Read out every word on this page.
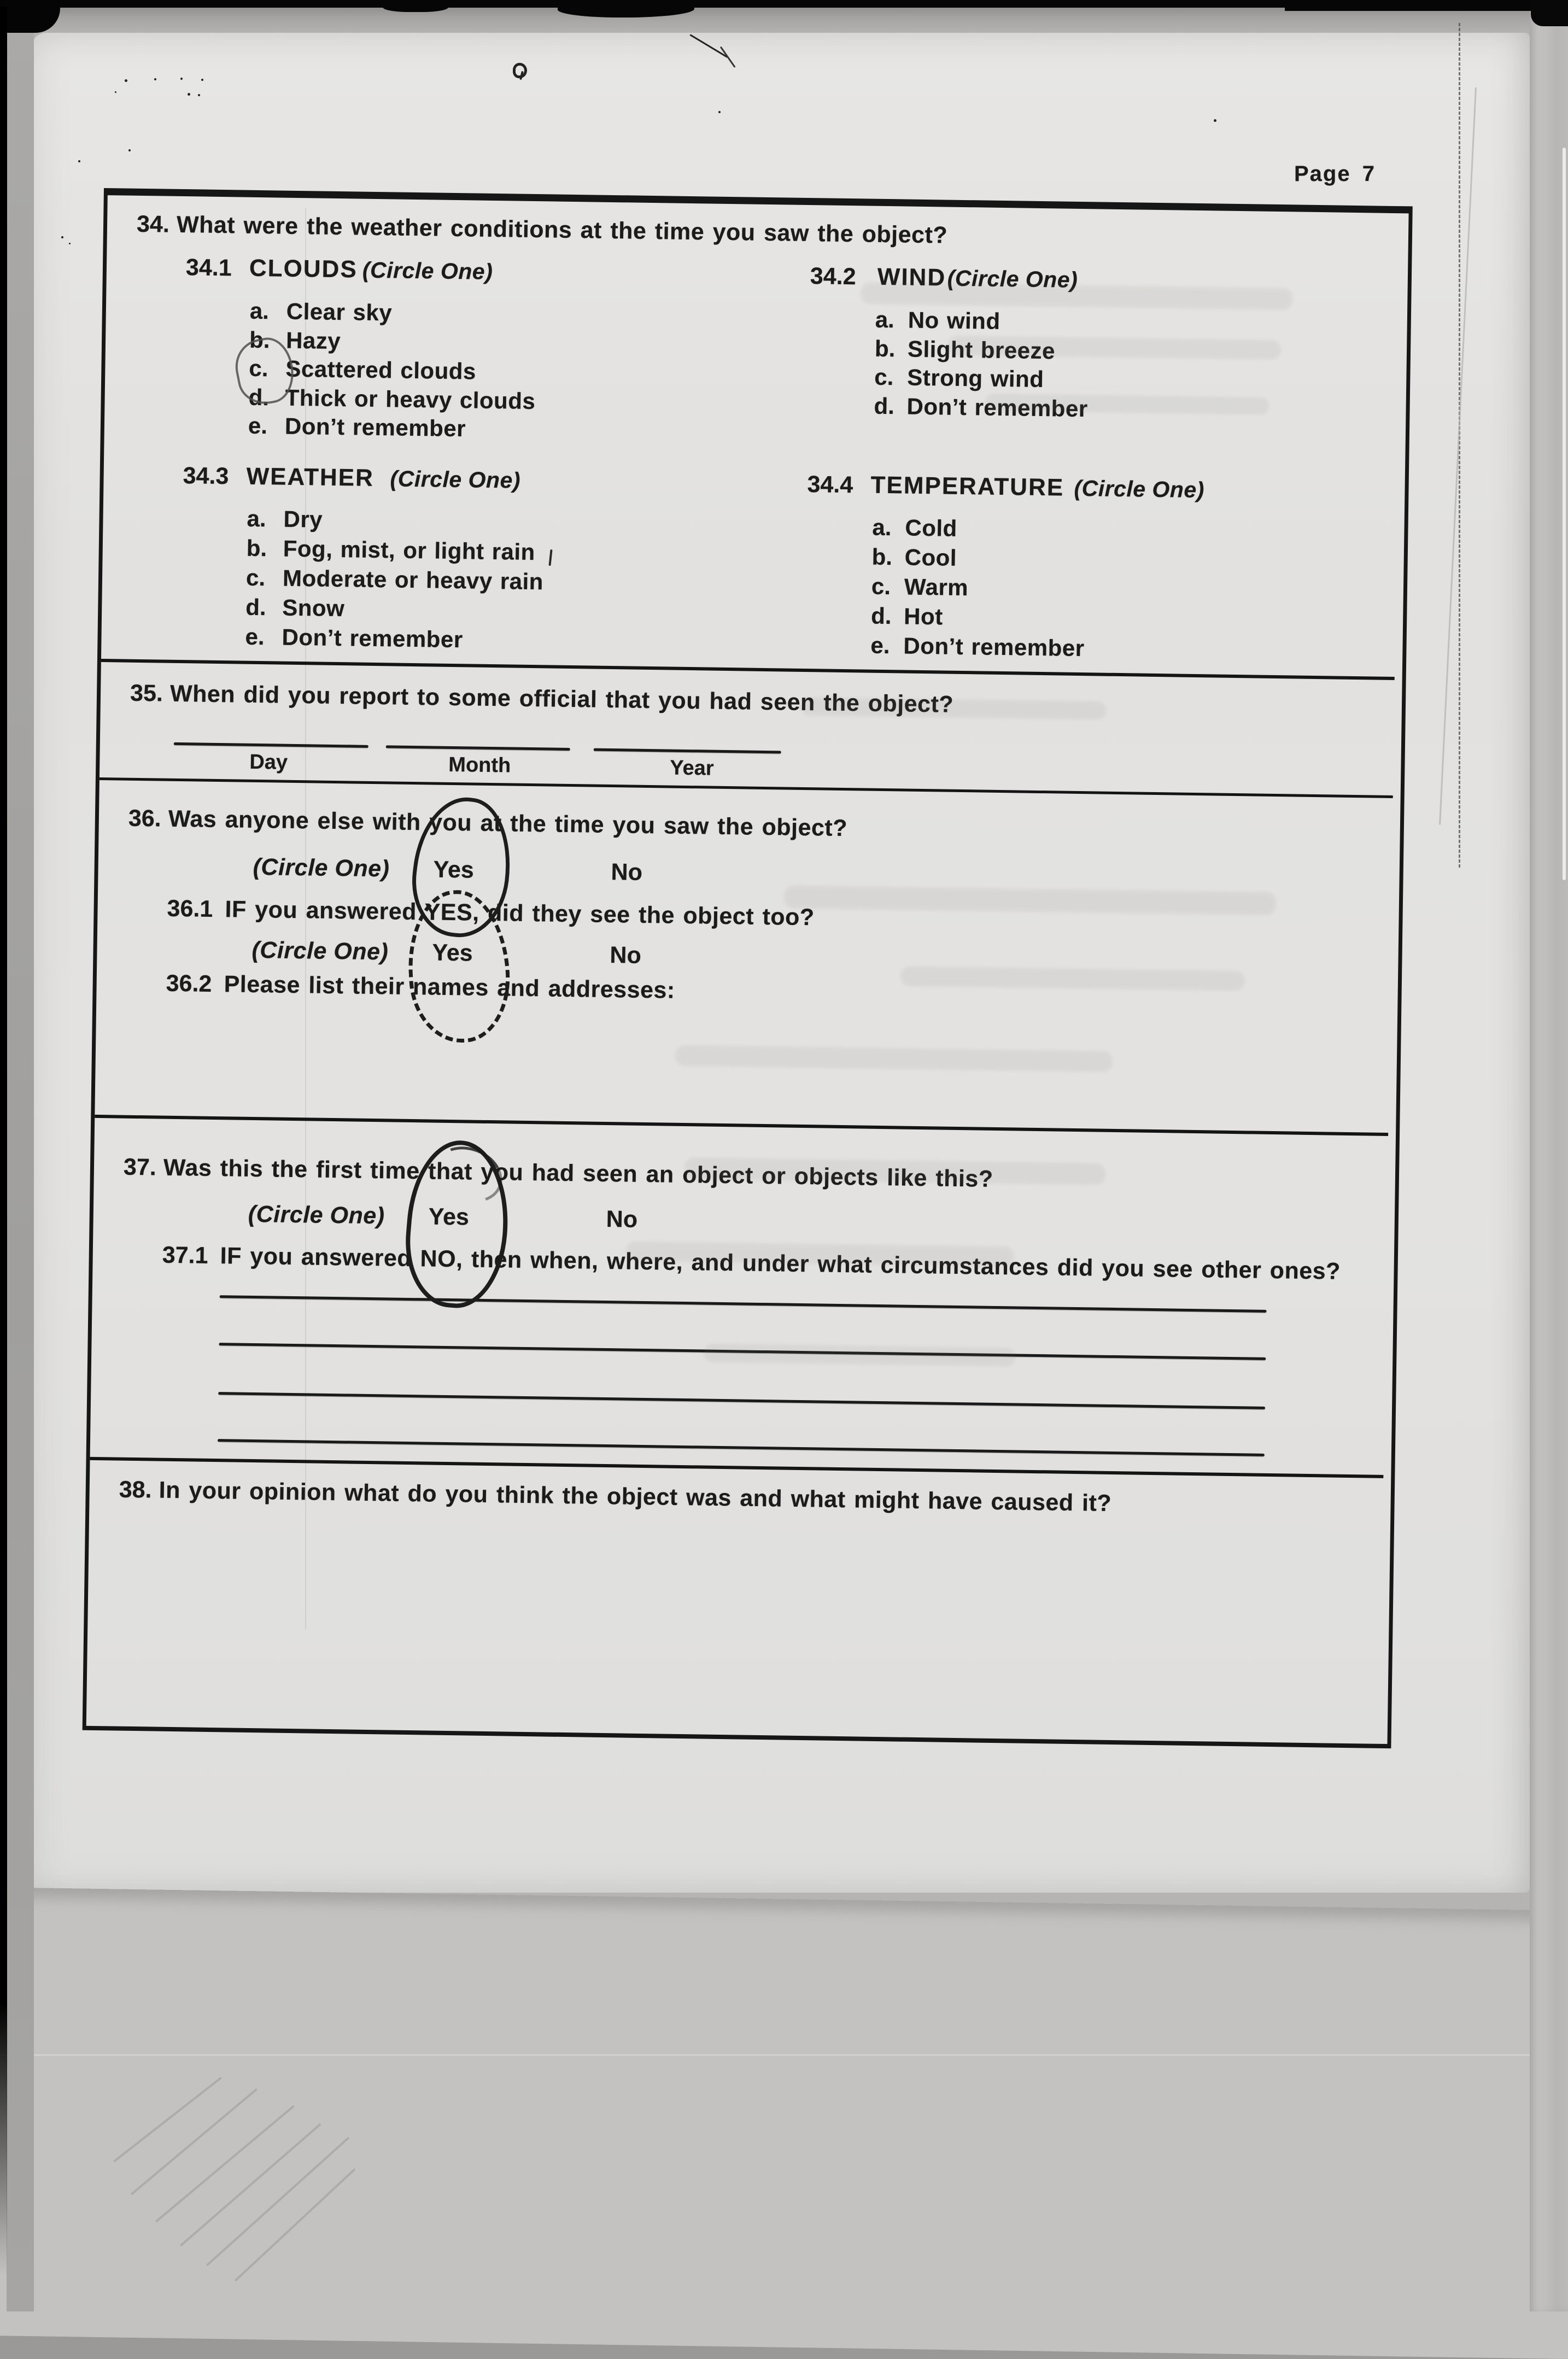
Page 7
34. What were the weather conditions at the time you saw the object?
34.1 CLOUDS (Circle One)	34.2 WIND (Circle One)
a. Clear sky
b. Hazy
c. Scattered clouds
d. Thick or heavy clouds
e. Don’t remember
a. No wind
b. Slight breeze
c. Strong wind
d. Don’t remember
34.3 WEATHER (Circle One)	34.4 TEMPERATURE (Circle One)
a. Dry
b. Fog, mist, or light rain
c. Moderate or heavy rain
d. Snow
e. Don’t remember
a. Cold
b. Cool
c. Warm
d. Hot
e. Don’t remember
35. When did you report to some official that you had seen the object?
Day	Month	Year
36. Was anyone else with you at the time you saw the object?
(Circle One) Yes	No
36.1 IF you answered YES, did they see the object too?
(Circle One) Yes	No
36.2 Please list their names and addresses:
37. Was this the first time that you had seen an object or objects like this?
(Circle One) Yes	No
37.1 IF you answered NO, then when, where, and under what circumstances did you see other ones?
38. In your opinion what do you think the object was and what might have caused it?
